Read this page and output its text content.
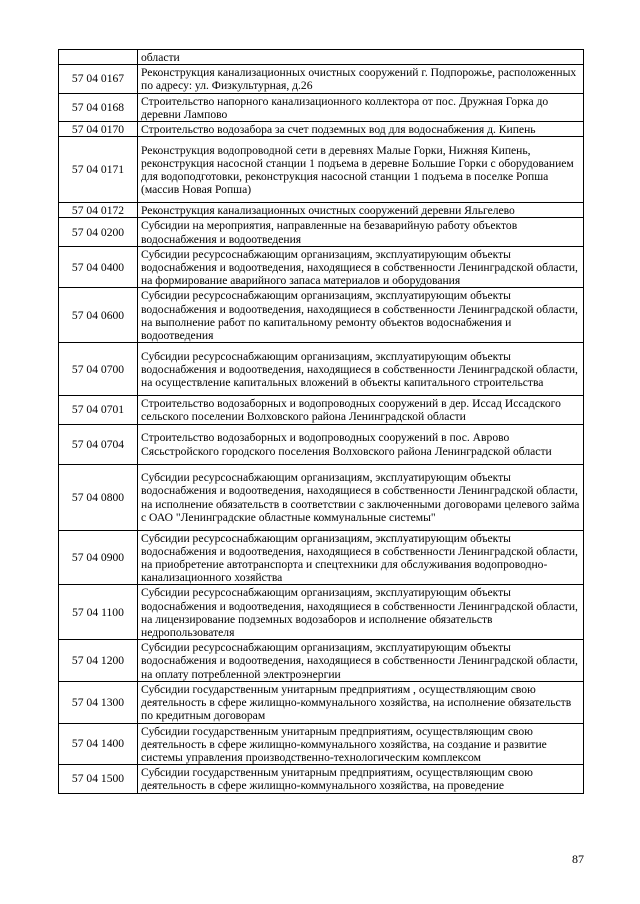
	области
57 04 0167	Реконструкция канализационных очистных сооружений г. Подпорожье, расположенных по адресу: ул. Физкультурная, д.26
57 04 0168	Строительство напорного канализационного коллектора от пос. Дружная Горка до деревни Лампово
57 04 0170	Строительство водозабора за счет подземных вод для водоснабжения д. Кипень
57 04 0171	Реконструкция водопроводной сети в деревнях Малые Горки, Нижняя Кипень, реконструкция насосной станции 1 подъема в деревне Большие Горки с оборудованием для водоподготовки, реконструкция насосной станции 1 подъема в поселке Ропша (массив Новая Ропша)
57 04 0172	Реконструкция канализационных очистных сооружений деревни Яльгелево
57 04 0200	Субсидии на мероприятия, направленные на безаварийную работу объектов водоснабжения и водоотведения
57 04 0400	Субсидии ресурсоснабжающим организациям, эксплуатирующим объекты водоснабжения и водоотведения, находящиеся в собственности Ленинградской области, на формирование аварийного запаса материалов и оборудования
57 04 0600	Субсидии ресурсоснабжающим организациям, эксплуатирующим объекты водоснабжения и водоотведения, находящиеся в собственности Ленинградской области, на выполнение работ по капитальному ремонту объектов водоснабжения и водоотведения
57 04 0700	Субсидии ресурсоснабжающим организациям, эксплуатирующим объекты водоснабжения и водоотведения, находящиеся в собственности Ленинградской области, на осуществление капитальных вложений в объекты капитального строительства
57 04 0701	Строительство водозаборных и водопроводных сооружений в дер. Иссад Иссадского сельского поселении Волховского района Ленинградской области
57 04 0704	Строительство водозаборных и водопроводных сооружений в пос. Аврово Сясьстройского городского поселения Волховского района Ленинградской области
57 04 0800	Субсидии ресурсоснабжающим организациям, эксплуатирующим объекты водоснабжения и водоотведения, находящиеся в собственности Ленинградской области, на исполнение обязательств в соответствии с заключенными договорами целевого займа с ОАО "Ленинградские областные коммунальные системы"
57 04 0900	Субсидии ресурсоснабжающим организациям, эксплуатирующим объекты водоснабжения и водоотведения, находящиеся в собственности Ленинградской области, на приобретение автотранспорта и спецтехники для обслуживания водопроводно-канализационного хозяйства
57 04 1100	Субсидии ресурсоснабжающим организациям, эксплуатирующим объекты водоснабжения и водоотведения, находящиеся в собственности Ленинградской области, на лицензирование подземных водозаборов и исполнение обязательств недропользователя
57 04 1200	Субсидии ресурсоснабжающим организациям, эксплуатирующим объекты водоснабжения и водоотведения, находящиеся в собственности Ленинградской области, на оплату потребленной электроэнергии
57 04 1300	Субсидии государственным унитарным предприятиям , осуществляющим свою деятельность в сфере жилищно-коммунального хозяйства, на исполнение обязательств по кредитным договорам
57 04 1400	Субсидии государственным унитарным предприятиям, осуществляющим свою деятельность в сфере жилищно-коммунального хозяйства, на создание и развитие системы управления производственно-технологическим комплексом
57 04 1500	Субсидии государственным унитарным предприятиям, осуществляющим свою деятельность в сфере жилищно-коммунального хозяйства, на проведение
87
